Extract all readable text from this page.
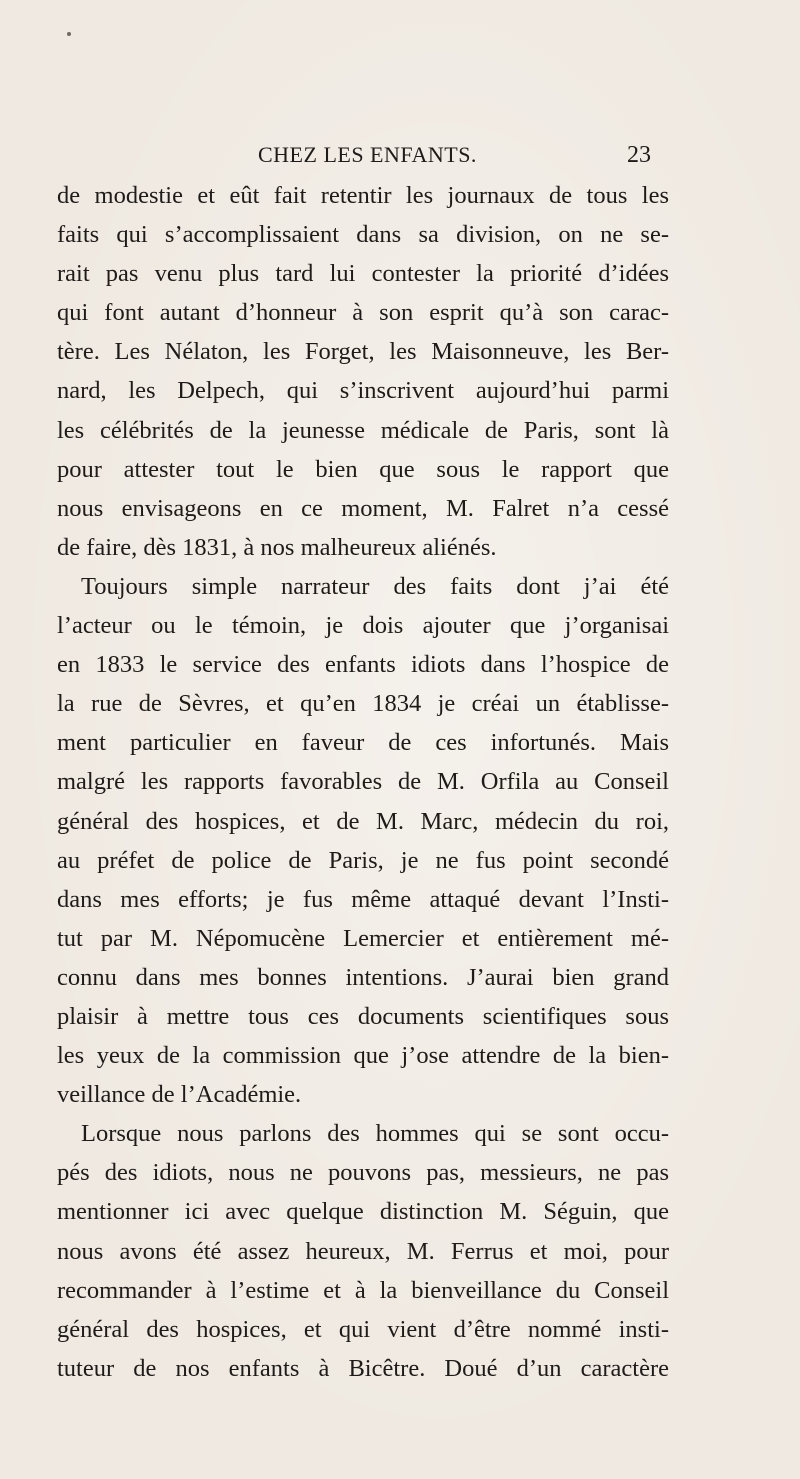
CHEZ LES ENFANTS.	23
de modestie et eût fait retentir les journaux de tous les
faits qui s’accomplissaient dans sa division, on ne se-
rait pas venu plus tard lui contester la priorité d’idées
qui font autant d’honneur à son esprit qu’à son carac-
tère. Les Nélaton, les Forget, les Maisonneuve, les Ber-
nard, les Delpech, qui s’inscrivent aujourd’hui parmi
les célébrités de la jeunesse médicale de Paris, sont là
pour attester tout le bien que sous le rapport que
nous envisageons en ce moment, M. Falret n’a cessé
de faire, dès 1831, à nos malheureux aliénés.
Toujours simple narrateur des faits dont j’ai été
l’acteur ou le témoin, je dois ajouter que j’organisai
en 1833 le service des enfants idiots dans l’hospice de
la rue de Sèvres, et qu’en 1834 je créai un établisse-
ment particulier en faveur de ces infortunés. Mais
malgré les rapports favorables de M. Orfila au Conseil
général des hospices, et de M. Marc, médecin du roi,
au préfet de police de Paris, je ne fus point secondé
dans mes efforts; je fus même attaqué devant l’Insti-
tut par M. Népomucène Lemercier et entièrement mé-
connu dans mes bonnes intentions. J’aurai bien grand
plaisir à mettre tous ces documents scientifiques sous
les yeux de la commission que j’ose attendre de la bien-
veillance de l’Académie.
Lorsque nous parlons des hommes qui se sont occu-
pés des idiots, nous ne pouvons pas, messieurs, ne pas
mentionner ici avec quelque distinction M. Séguin, que
nous avons été assez heureux, M. Ferrus et moi, pour
recommander à l’estime et à la bienveillance du Conseil
général des hospices, et qui vient d’être nommé insti-
tuteur de nos enfants à Bicêtre. Doué d’un caractère
